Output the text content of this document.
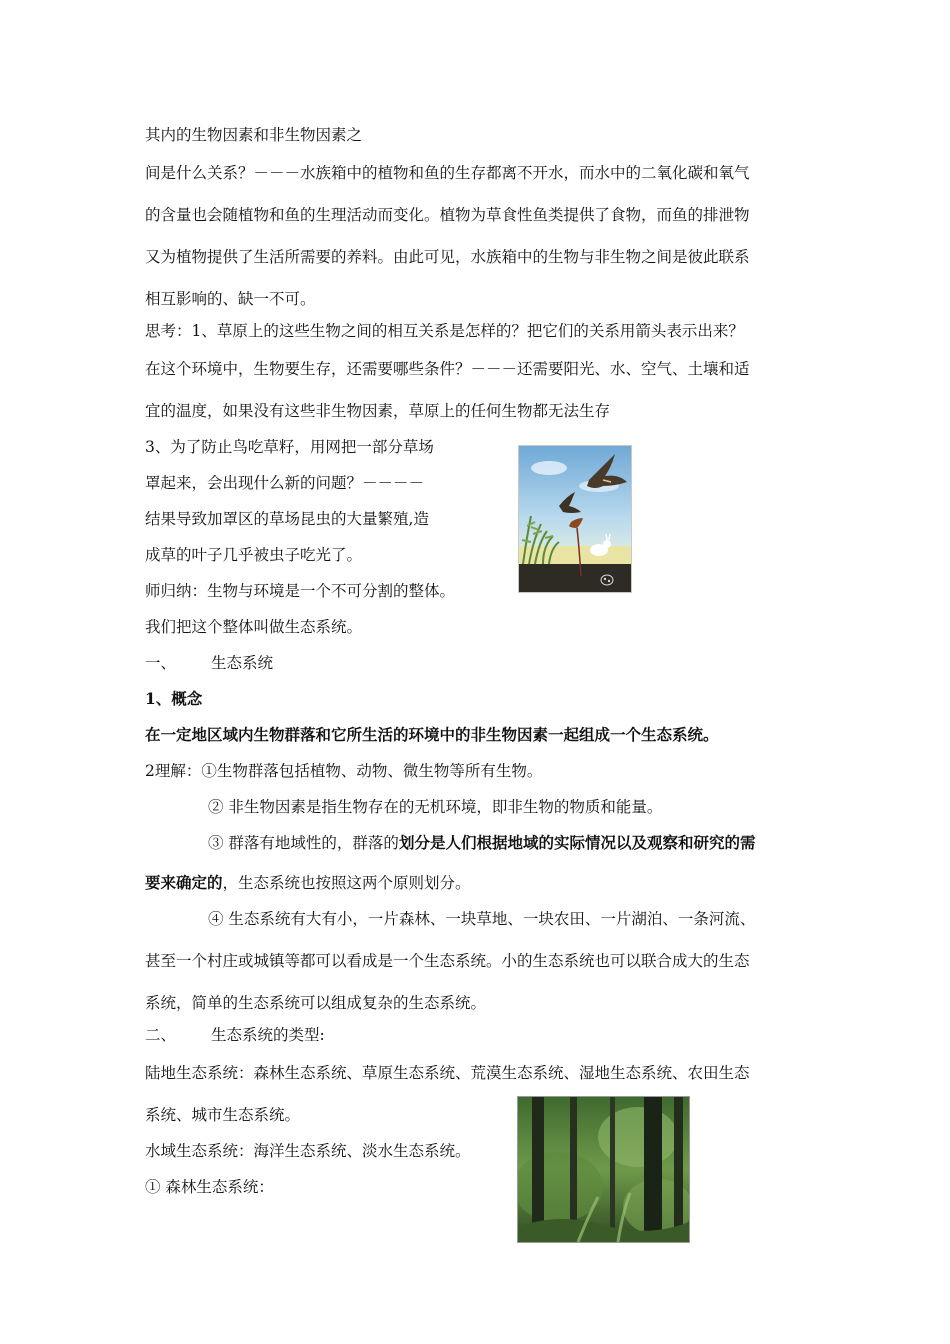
其内的生物因素和非生物因素之
间是什么关系？－－－水族箱中的植物和鱼的生存都离不开水，而水中的二氧化碳和氧气
的含量也会随植物和鱼的生理活动而变化。植物为草食性鱼类提供了食物，而鱼的排泄物
又为植物提供了生活所需要的养料。由此可见，水族箱中的生物与非生物之间是彼此联系
相互影响的、缺一不可。
思考：1、草原上的这些生物之间的相互关系是怎样的？把它们的关系用箭头表示出来？
在这个环境中，生物要生存，还需要哪些条件？－－－还需要阳光、水、空气、土壤和适
宜的温度，如果没有这些非生物因素，草原上的任何生物都无法生存
3、为了防止鸟吃草籽，用网把一部分草场
罩起来，会出现什么新的问题？－－－－
结果导致加罩区的草场昆虫的大量繁殖,造
成草的叶子几乎被虫子吃光了。
师归纳：生物与环境是一个不可分割的整体。
我们把这个整体叫做生态系统。
一、 生态系统
1、概念
在一定地区域内生物群落和它所生活的环境中的非生物因素一起组成一个生态系统。
2理解：①生物群落包括植物、动物、微生物等所有生物。
② 非生物因素是指生物存在的无机环境，即非生物的物质和能量。
③ 群落有地域性的，群落的划分是人们根据地域的实际情况以及观察和研究的需
要来确定的，生态系统也按照这两个原则划分。
④ 生态系统有大有小，一片森林、一块草地、一块农田、一片湖泊、一条河流、
甚至一个村庄或城镇等都可以看成是一个生态系统。小的生态系统也可以联合成大的生态
系统，简单的生态系统可以组成复杂的生态系统。
二、 生态系统的类型:
陆地生态系统：森林生态系统、草原生态系统、荒漠生态系统、湿地生态系统、农田生态
系统、城市生态系统。
水域生态系统：海洋生态系统、淡水生态系统。
① 森林生态系统：
